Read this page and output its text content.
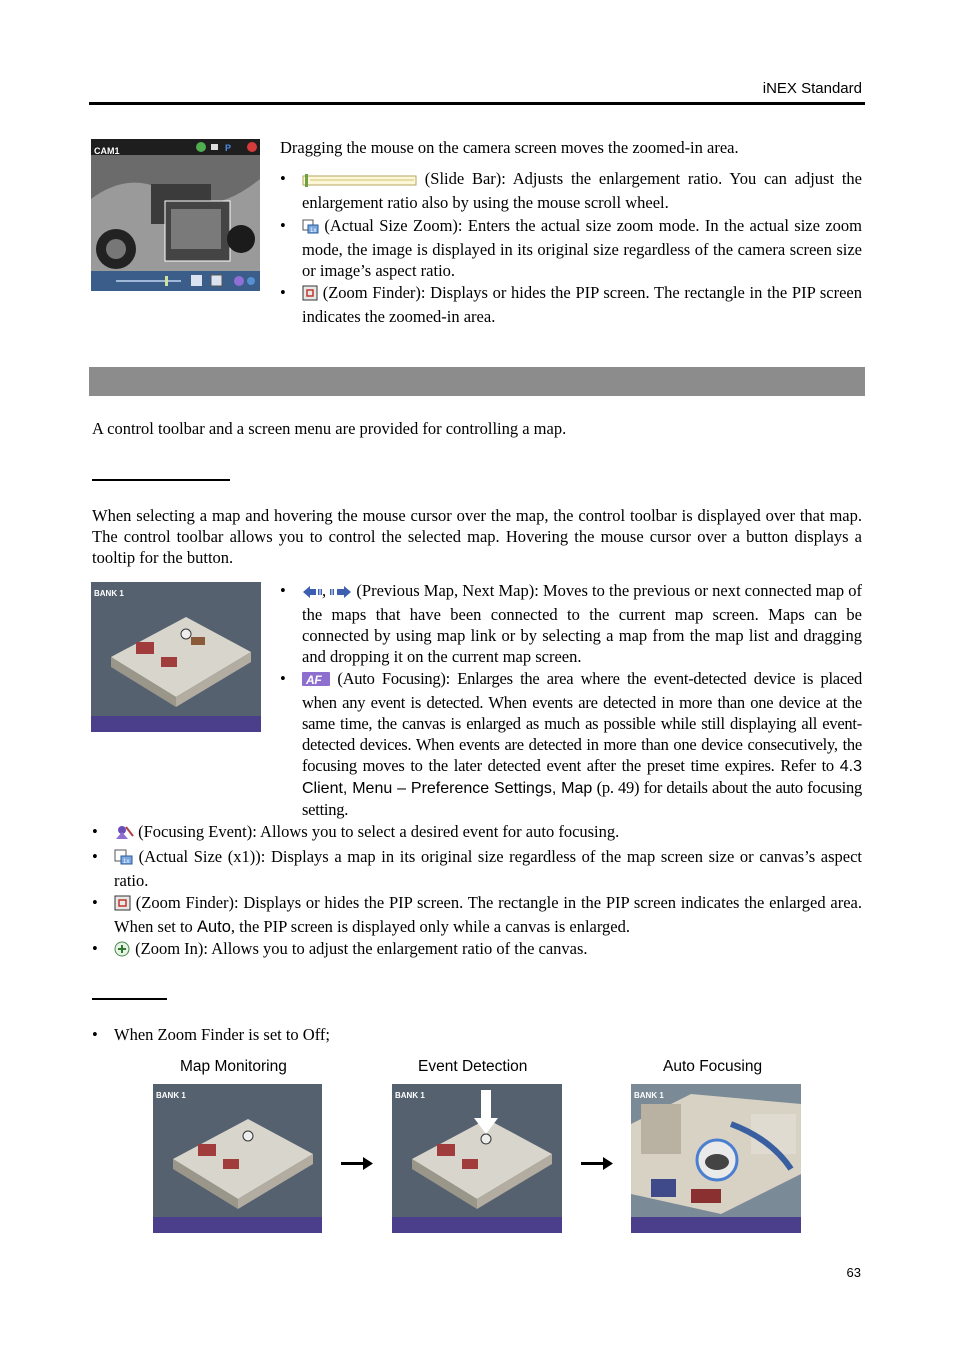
iNEX Standard
CAM1	P	Dragging the mouse on the camera screen moves the zoomed-in area.
•	(Slide Bar): Adjusts the enlargement ratio. You can adjust the enlargement ratio also by using the mouse scroll wheel.
•	1x (Actual Size Zoom): Enters the actual size zoom mode. In the actual size zoom mode, the image is displayed in its original size regardless of the camera screen size or image’s aspect ratio.
•	(Zoom Finder): Displays or hides the PIP screen. The rectangle in the PIP screen indicates the zoomed-in area.
A control toolbar and a screen menu are provided for controlling a map.
When selecting a map and hovering the mouse cursor over the map, the control toolbar is displayed over that map. The control toolbar allows you to control the selected map. Hovering the mouse cursor over a button displays a tooltip for the button.
BANK 1	•	,  (Previous Map, Next Map): Moves to the previous or next connected map of the maps that have been connected to the current map screen. Maps can be connected by using map link or by selecting a map from the map list and dragging and dropping it on the current map screen.
•	AF (Auto Focusing): Enlarges the area where the event-detected device is placed when any event is detected. When events are detected in more than one device at the same time, the canvas is enlarged as much as possible while still displaying all event-detected devices. When events are detected in more than one device consecutively, the focusing moves to the later detected event after the preset time expires. Refer to 4.3 Client, Menu – Preference Settings, Map (p. 49) for details about the auto focusing setting.
•	(Focusing Event): Allows you to select a desired event for auto focusing.
•	1x (Actual Size (x1)): Displays a map in its original size regardless of the map screen size or canvas’s aspect ratio.
•	(Zoom Finder): Displays or hides the PIP screen. The rectangle in the PIP screen indicates the enlarged area. When set to Auto, the PIP screen is displayed only while a canvas is enlarged.
•	(Zoom In): Allows you to adjust the enlargement ratio of the canvas.
• When Zoom Finder is set to Off;
Map Monitoring	Event Detection	Auto Focusing
BANK 1	BANK 1	BANK 1
63
